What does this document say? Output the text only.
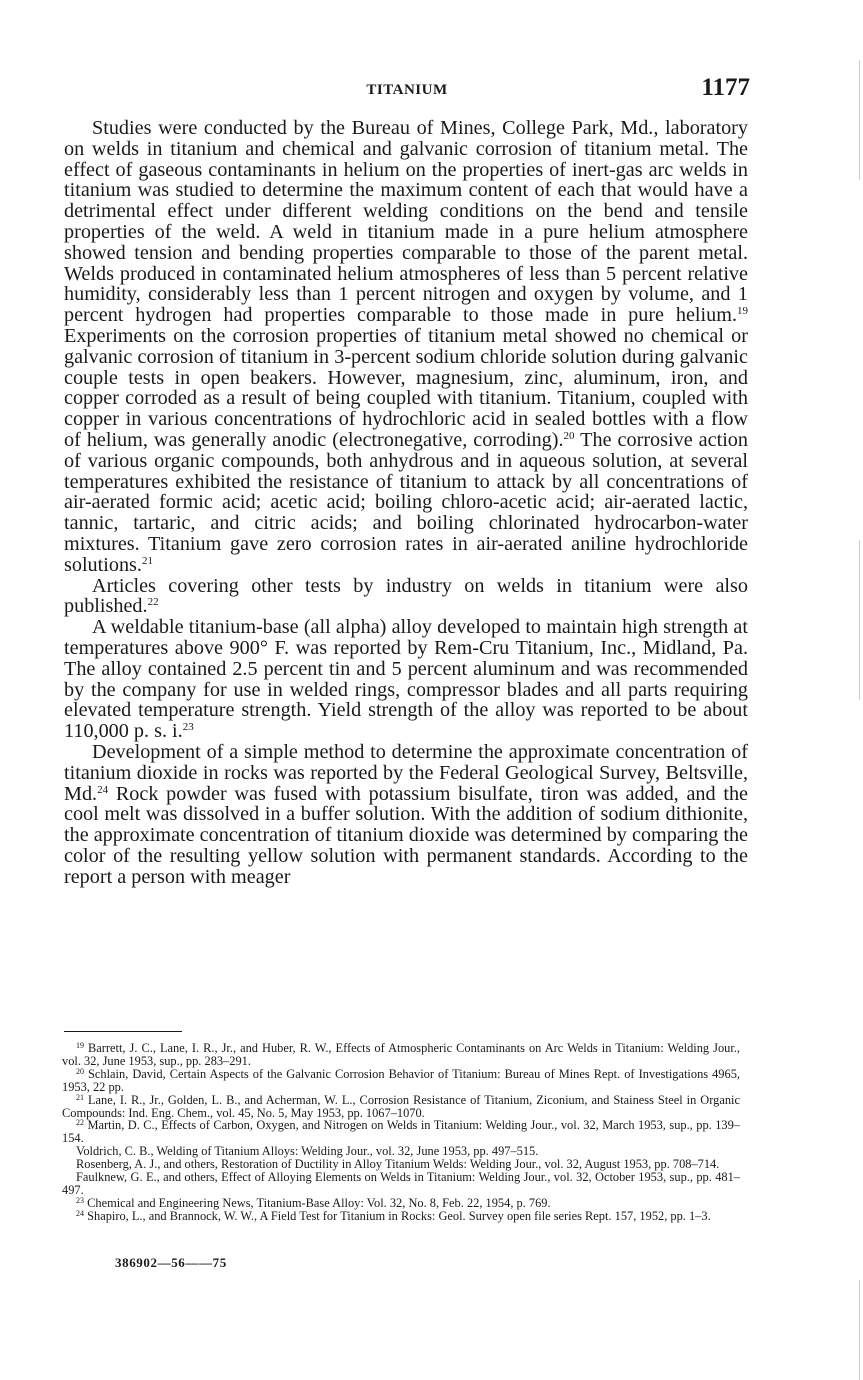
TITANIUM	1177

Studies were conducted by the Bureau of Mines, College Park, Md., laboratory on welds in titanium and chemical and galvanic corrosion of titanium metal. The effect of gaseous contaminants in helium on the properties of inert-gas arc welds in titanium was studied to determine the maximum content of each that would have a detrimental effect under different welding conditions on the bend and tensile properties of the weld. A weld in titanium made in a pure helium atmosphere showed tension and bending properties comparable to those of the parent metal. Welds produced in contaminated helium atmospheres of less than 5 percent relative humidity, considerably less than 1 percent nitrogen and oxygen by volume, and 1 percent hydrogen had properties comparable to those made in pure helium.$^{19}$ Experiments on the corrosion properties of titanium metal showed no chemical or galvanic corrosion of titanium in 3-percent sodium chloride solution during galvanic couple tests in open beakers. However, magnesium, zinc, aluminum, iron, and copper corroded as a result of being coupled with titanium. Titanium, coupled with copper in various concentrations of hydrochloric acid in sealed bottles with a flow of helium, was generally anodic (electronegative, corroding).$^{20}$ The corrosive action of various organic compounds, both anhydrous and in aqueous solution, at several temperatures exhibited the resistance of titanium to attack by all concentrations of air-aerated formic acid; acetic acid; boiling chloro-acetic acid; air-aerated lactic, tannic, tartaric, and citric acids; and boiling chlorinated hydrocarbon-water mixtures. Titanium gave zero corrosion rates in air-aerated aniline hydrochloride solutions.$^{21}$

Articles covering other tests by industry on welds in titanium were also published.$^{22}$

A weldable titanium-base (all alpha) alloy developed to maintain high strength at temperatures above 900° F. was reported by Rem-Cru Titanium, Inc., Midland, Pa. The alloy contained 2.5 percent tin and 5 percent aluminum and was recommended by the company for use in welded rings, compressor blades and all parts requiring elevated temperature strength. Yield strength of the alloy was reported to be about 110,000 p. s. i.$^{23}$

Development of a simple method to determine the approximate concentration of titanium dioxide in rocks was reported by the Federal Geological Survey, Beltsville, Md.$^{24}$ Rock powder was fused with potassium bisulfate, tiron was added, and the cool melt was dissolved in a buffer solution. With the addition of sodium dithionite, the approximate concentration of titanium dioxide was determined by comparing the color of the resulting yellow solution with permanent standards. According to the report a person with meager

$^{19}$ Barrett, J. C., Lane, I. R., Jr., and Huber, R. W., Effects of Atmospheric Contaminants on Arc Welds in Titanium: Welding Jour., vol. 32, June 1953, sup., pp. 283–291.
$^{20}$ Schlain, David, Certain Aspects of the Galvanic Corrosion Behavior of Titanium: Bureau of Mines Rept. of Investigations 4965, 1953, 22 pp.
$^{21}$ Lane, I. R., Jr., Golden, L. B., and Acherman, W. L., Corrosion Resistance of Titanium, Ziconium, and Stainess Steel in Organic Compounds: Ind. Eng. Chem., vol. 45, No. 5, May 1953, pp. 1067–1070.
$^{22}$ Martin, D. C., Effects of Carbon, Oxygen, and Nitrogen on Welds in Titanium: Welding Jour., vol. 32, March 1953, sup., pp. 139–154.
Voldrich, C. B., Welding of Titanium Alloys: Welding Jour., vol. 32, June 1953, pp. 497–515.
Rosenberg, A. J., and others, Restoration of Ductility in Alloy Titanium Welds: Welding Jour., vol. 32, August 1953, pp. 708–714.
Faulknew, G. E., and others, Effect of Alloying Elements on Welds in Titanium: Welding Jour., vol. 32, October 1953, sup., pp. 481–497.
$^{23}$ Chemical and Engineering News, Titanium-Base Alloy: Vol. 32, No. 8, Feb. 22, 1954, p. 769.
$^{24}$ Shapiro, L., and Brannock, W. W., A Field Test for Titanium in Rocks: Geol. Survey open file series Rept. 157, 1952, pp. 1–3.
386902—56——75
